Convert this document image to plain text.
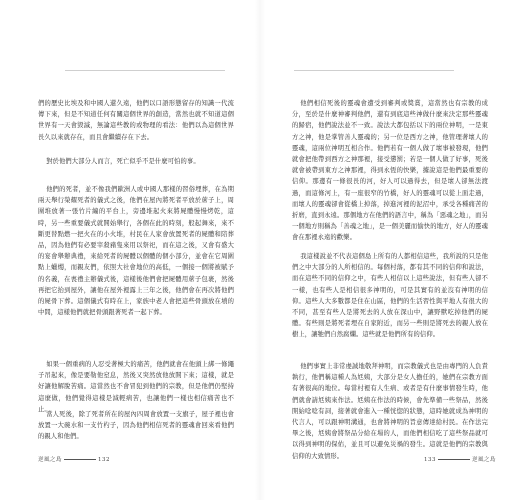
們的歷史比埃及和中國人還久遠，他們以口語形態留存的知識一代流傳下來，但是不知道任何有關這個世界的創造，當然也就不知道這個世界有一天會毀滅，無論這些教的或物理的看法：他們以為這個世界長久以來就存在，而且會繼續存在下去。

對於他們大部分人而言，死亡似乎不是什麼可怕的事。

他們的死者，並不像我們歐洲人或中國人那樣的習俗埋葬，在為期兩天舉行榮耀死者的儀式之後，他們在屋內將死者平放於蓆子上，周圍堆放著一張竹片編的平台上，旁邊堆起火來將屍體慢慢烤乾，這時，另一些重要儀式就開始舉行，各個在此的時刻，般起舞來，來不斷更替點燃一把火在的小火堆，村民在人家會放置死者的屍體和陪葬品，因為他們有必要宰殺豬隻來用以祭祀，而在這之後，又會有盛大的宴會舉辦典禮，來給死者的屍體以個體的個小部分，並會在它周圍點上蠟燭，而親友們，依照大社會地位的高低，一個接一個將被賦予的名義，在喪禮主辦儀式後，這樣後他們會把屍體用蓆子包裹，然後再把它抬到屋外，讓他在屋外裡露上三年之後，他們會在再次將他們的屍骨下葬。這個儀式有時在上，家族中老人會把這些骨頭放在墳的中間，這樣他們就把骨頭跟著死者一起下葬。

如果一個重病的人忍受著極大的痛苦，他們就會在他頭上綁一條繩子吊起來，像是要勒他窒息，然後又突然放他放開下來；這樣，就是好讓他解脫苦痛。這當然也不會冒犯到他們的宗教，但是他們仍堅持這麼做，他們覺得這樣是減輕病苦，也讓他們一樣也相信痛苦也不止。

當人死後，除了死者所在的屋內四周會放置一支旗子，屋子裡也會放置一大碗水和一支竹杓子，因為他們相信死者的靈魂會回來看他們的親人和他們。

逆風之島	132

他們相信死後的靈魂會遭受到審判或獎賞，這當然也有宗教的成分，至於是什麼神審判他們，還有到底這些神做什麼來決定那些靈魂的歸宿，他們說法並不一致。說法大都包括以下的兩位神明，一是東方之神，他是掌管善人靈魂的；另一位是西方之神，他管理著壞人的靈魂，這兩位神明互相合作。他們若有一個人做了壞事被發現，他們就會把他帶到西方之神那裡，接受懲罰；若是一個人做了好事，死後就會被帶到東方之神那裡，得到永恆的快樂，據說這是他們最重要的信仰。那邊有一條很長的河，好人可以過得去，但是壞人卻無法渡過，而這條河上，有一座很窄的竹橋，好人的靈魂可以從上面走過，而壞人的靈魂卻會從橋上掉落，掉進河裡的泥沼中，承受各種痛苦的折磨，直到永遠。那個地方在他們的語言中，稱為「惡魂之地」，而另一個地方則稱為「善魂之地」，是一個美麗而愉快的地方，好人的靈魂會在那裡永遠的歡樂。

我這樣說並不代表這個島上所有的人都相信這些，我所說的只是他們之中大部分的人所相信的。每個村落，都有其不同的信仰和說法，而在這些不同的信仰之中，有些人相信以上這些說法，但有些人卻不一樣，也有些人是相信很多神明的，可是其實有的並沒有神明的信仰。這些人大多數都是住在山區，他們的生活習性與平地人有很大的不同，甚至有些人是將死去的人放在深山中，讓野獸吃掉他們的屍體。有些則是將死者埋在自家附近，而另一些則是將死去的親人放在樹上，讓牠們自然腐爛。這些就是他們所有的信仰。

他們事實上非常虔誠地敬拜神明，而宗教儀式也是由專門的人負責執行，他們稱這種人為尪姨，大部分是女人擔任的，她們在宗教方面有著很高的地位。每當村裡有人生病、或者是有什麼事情發生時，他們就會請尪姨來作法。尪姨在作法的時候，會先準備一些祭品，然後開始唸唸有詞，接著就會進入一種恍惚的狀態，這時她就成為神明的代言人，可以跟神明溝通，也會將神明的旨意傳達給村民。在作法完畢之後，尪姨會將祭品分給在場的人，而他們相信吃了這些祭品就可以得到神明的保佑，並且可以避免災禍的發生。這就是他們的宗教與信仰的大致情形。

133	逆風之島
